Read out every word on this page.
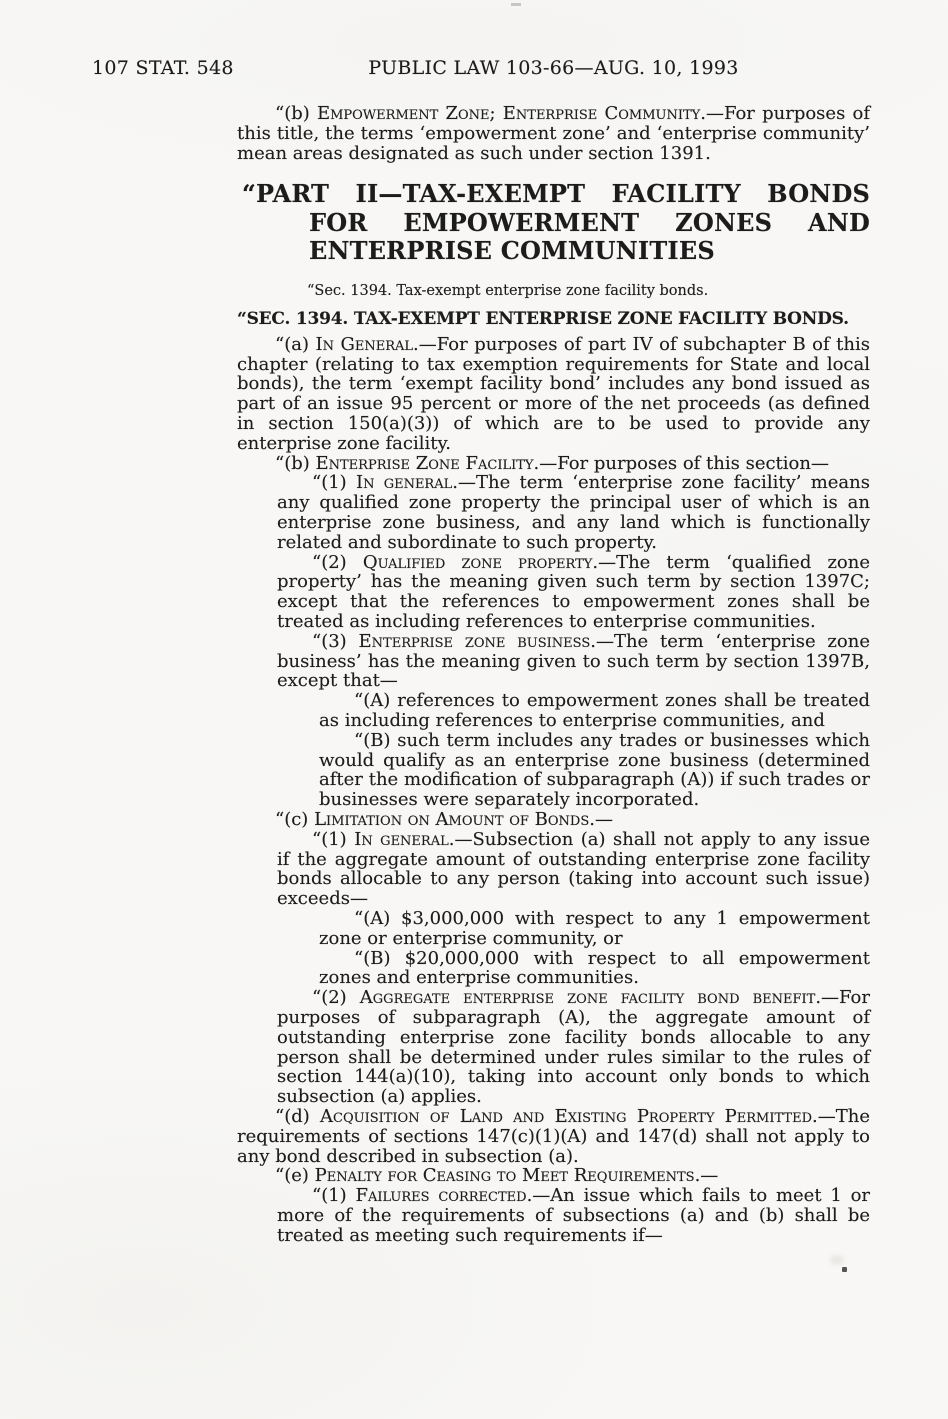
107 STAT. 548	PUBLIC LAW 103-66—AUG. 10, 1993

“(b) Empowerment Zone; Enterprise Community.—For purposes of this title, the terms ‘empowerment zone’ and ‘enterprise community’ mean areas designated as such under section 1391.

“PART II—TAX-EXEMPT FACILITY BONDS FOR EMPOWERMENT ZONES AND ENTERPRISE COMMUNITIES

“Sec. 1394. Tax-exempt enterprise zone facility bonds.

“SEC. 1394. TAX-EXEMPT ENTERPRISE ZONE FACILITY BONDS.

“(a) In General.—For purposes of part IV of subchapter B of this chapter (relating to tax exemption requirements for State and local bonds), the term ‘exempt facility bond’ includes any bond issued as part of an issue 95 percent or more of the net proceeds (as defined in section 150(a)(3)) of which are to be used to provide any enterprise zone facility.

“(b) Enterprise Zone Facility.—For purposes of this section—

“(1) In general.—The term ‘enterprise zone facility’ means any qualified zone property the principal user of which is an enterprise zone business, and any land which is functionally related and subordinate to such property.

“(2) Qualified zone property.—The term ‘qualified zone property’ has the meaning given such term by section 1397C; except that the references to empowerment zones shall be treated as including references to enterprise communities.

“(3) Enterprise zone business.—The term ‘enterprise zone business’ has the meaning given to such term by section 1397B, except that—

“(A) references to empowerment zones shall be treated as including references to enterprise communities, and

“(B) such term includes any trades or businesses which would qualify as an enterprise zone business (determined after the modification of subparagraph (A)) if such trades or businesses were separately incorporated.

“(c) Limitation on Amount of Bonds.—

“(1) In general.—Subsection (a) shall not apply to any issue if the aggregate amount of outstanding enterprise zone facility bonds allocable to any person (taking into account such issue) exceeds—

“(A) $3,000,000 with respect to any 1 empowerment zone or enterprise community, or

“(B) $20,000,000 with respect to all empowerment zones and enterprise communities.

“(2) Aggregate enterprise zone facility bond benefit.—For purposes of subparagraph (A), the aggregate amount of outstanding enterprise zone facility bonds allocable to any person shall be determined under rules similar to the rules of section 144(a)(10), taking into account only bonds to which subsection (a) applies.

“(d) Acquisition of Land and Existing Property Permitted.—The requirements of sections 147(c)(1)(A) and 147(d) shall not apply to any bond described in subsection (a).

“(e) Penalty for Ceasing to Meet Requirements.—

“(1) Failures corrected.—An issue which fails to meet 1 or more of the requirements of subsections (a) and (b) shall be treated as meeting such requirements if—
